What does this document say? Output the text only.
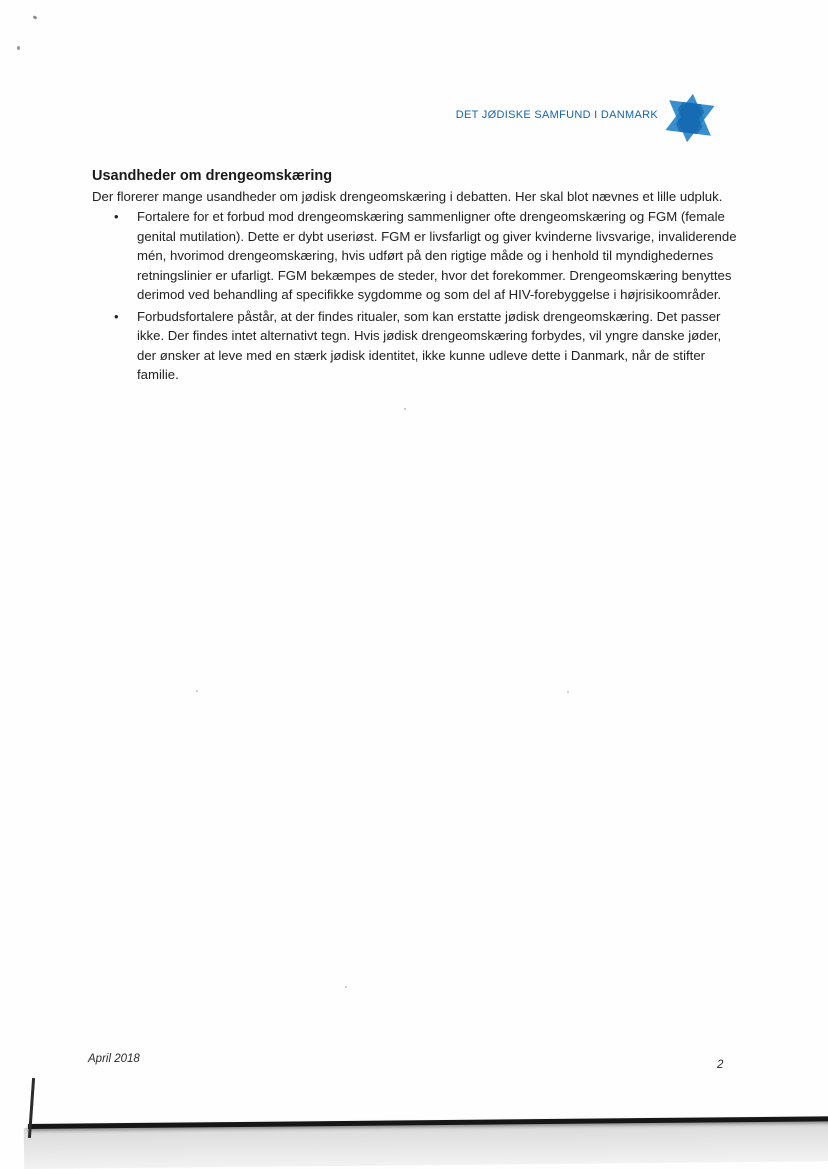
DET JØDISKE SAMFUND I DANMARK
Usandheder om drengeomskæring

Der florerer mange usandheder om jødisk drengeomskæring i debatten. Her skal blot nævnes et lille udpluk.

• Fortalere for et forbud mod drengeomskæring sammenligner ofte drengeomskæring og FGM (female genital mutilation). Dette er dybt useriøst. FGM er livsfarligt og giver kvinderne livsvarige, invaliderende mén, hvorimod drengeomskæring, hvis udført på den rigtige måde og i henhold til myndighedernes retningslinier er ufarligt. FGM bekæmpes de steder, hvor det forekommer. Drengeomskæring benyttes derimod ved behandling af specifikke sygdomme og som del af HIV-forebyggelse i højrisikoområder.
• Forbudsfortalere påstår, at der findes ritualer, som kan erstatte jødisk drengeomskæring. Det passer ikke. Der findes intet alternativt tegn. Hvis jødisk drengeomskæring forbydes, vil yngre danske jøder, der ønsker at leve med en stærk jødisk identitet, ikke kunne udleve dette i Danmark, når de stifter familie.
April 2018	2
